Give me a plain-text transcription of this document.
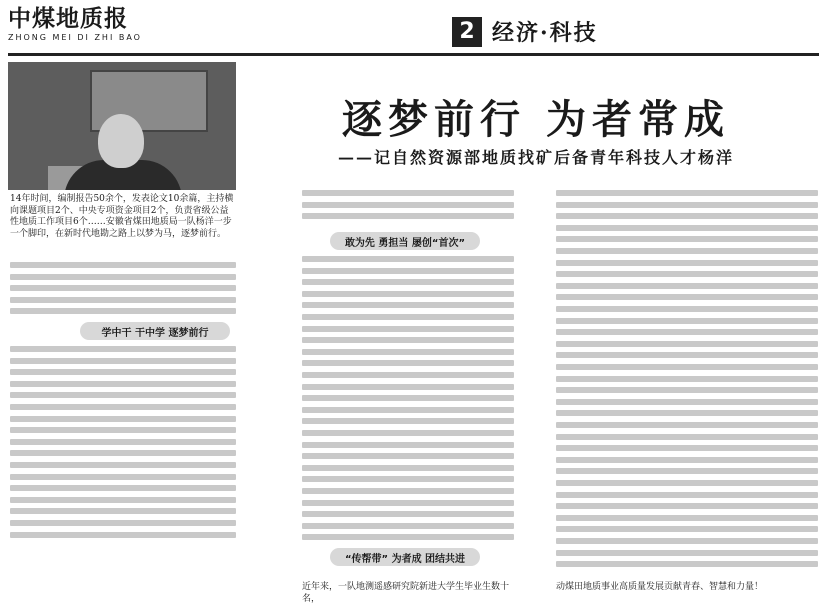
中煤地质报
ZHONG MEI DI ZHI BAO	2 经济·科技
逐梦前行 为者常成
——记自然资源部地质找矿后备青年科技人才杨洋
14年时间，编制报告50余个，发表论文10余篇，主持横向课题项目2个、中央专项资金项目2个，负责省级公益性地质工作项目6个……安徽省煤田地质局一队杨洋一步一个脚印，在新时代地勘之路上以梦为马，逐梦前行。
学中干 干中学 逐梦前行
敢为先 勇担当 屡创“首次”
“传帮带” 为者成 团结共进
近年来，一队地测遥感研究院新进大学生毕业生数十名，
动煤田地质事业高质量发展贡献青春、智慧和力量！
